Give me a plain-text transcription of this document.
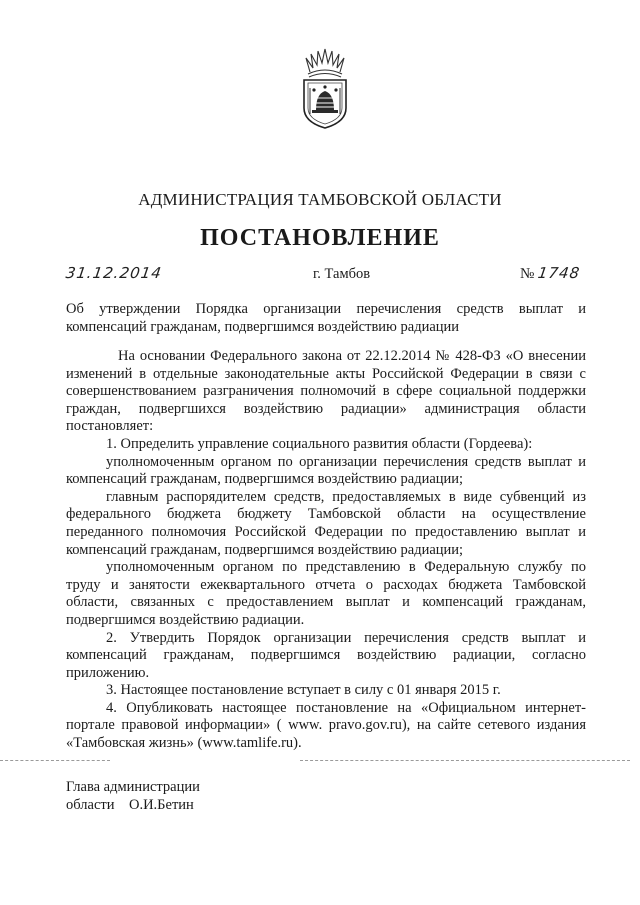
АДМИНИСТРАЦИЯ ТАМБОВСКОЙ ОБЛАСТИ
ПОСТАНОВЛЕНИЕ
31.12.2014	г. Тамбов	№ 1748
Об утверждении Порядка организации перечисления средств выплат и
компенсаций гражданам, подвергшимся воздействию радиации

На основании Федерального закона от 22.12.2014 № 428-ФЗ «О внесении изменений в отдельные законодательные акты Российской Федерации в связи с совершенствованием разграничения полномочий в сфере социальной поддержки граждан, подвергшихся воздействию радиации» администрация области постановляет:

1. Определить управление социального развития области (Гордеева):

уполномоченным органом по организации перечисления средств выплат и компенсаций гражданам, подвергшимся воздействию радиации;

главным распорядителем средств, предоставляемых в виде субвенций из федерального бюджета бюджету Тамбовской области на осуществление переданного полномочия Российской Федерации по предоставлению выплат и компенсаций гражданам, подвергшимся воздействию радиации;

уполномоченным органом по представлению в Федеральную службу по труду и занятости ежеквартального отчета о расходах бюджета Тамбовской области, связанных с предоставлением выплат и компенсаций гражданам, подвергшимся воздействию радиации.

2. Утвердить Порядок организации перечисления средств выплат и компенсаций гражданам, подвергшимся воздействию радиации, согласно приложению.

3. Настоящее постановление вступает в силу с 01 января 2015 г.

4. Опубликовать настоящее постановление на «Официальном интернет-портале правовой информации» ( www. pravo.gov.ru), на сайте сетевого издания «Тамбовская жизнь» (www.tamlife.ru).

Глава администрации
области О.И.Бетин
